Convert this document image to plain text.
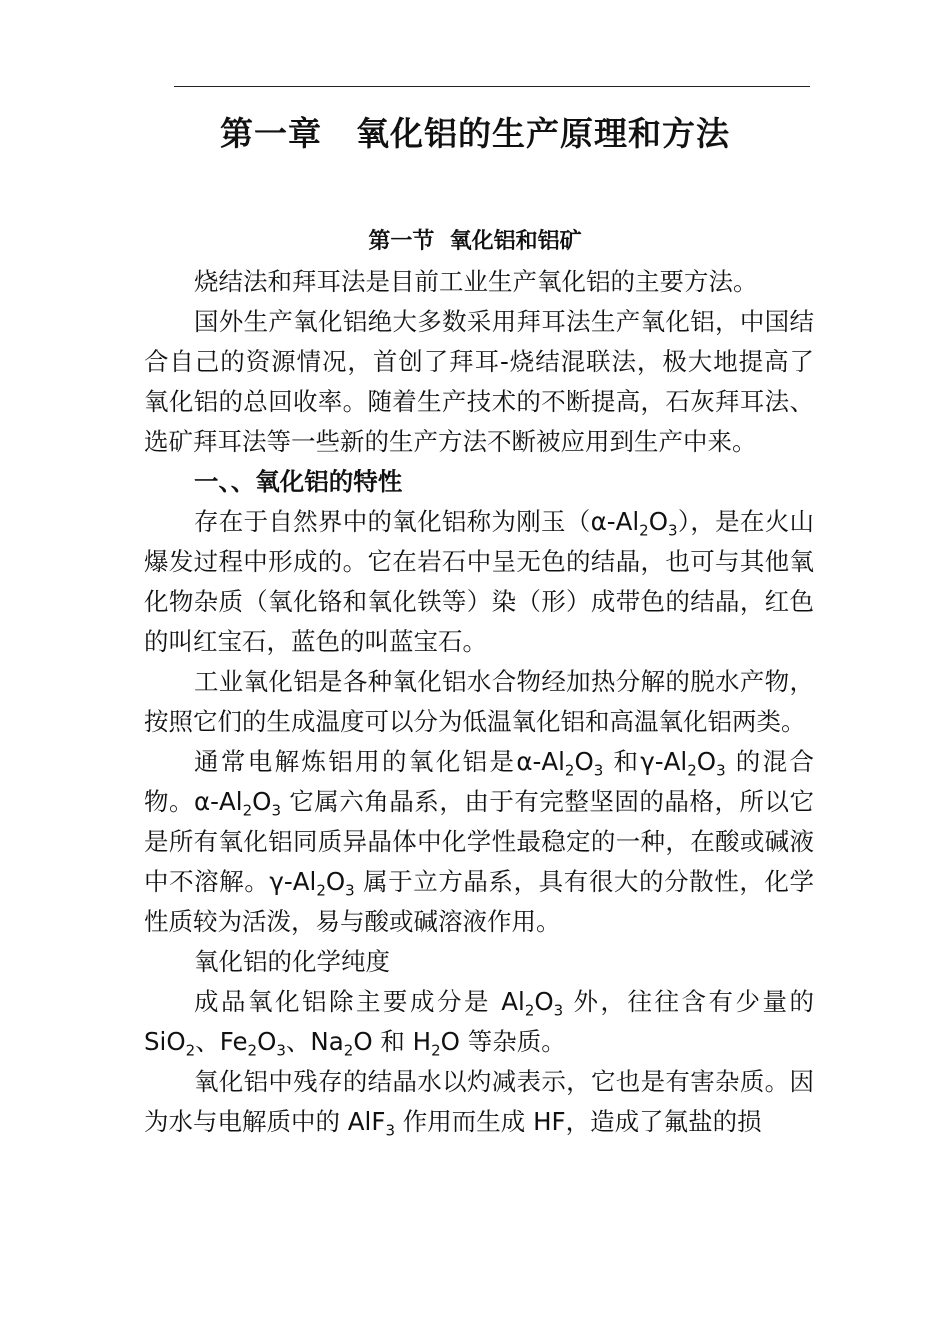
第一章　氧化铝的生产原理和方法
第一节  氧化铝和铝矿

烧结法和拜耳法是目前工业生产氧化铝的主要方法。

国外生产氧化铝绝大多数采用拜耳法生产氧化铝，中国结合自己的资源情况，首创了拜耳-烧结混联法，极大地提高了氧化铝的总回收率。随着生产技术的不断提高，石灰拜耳法、选矿拜耳法等一些新的生产方法不断被应用到生产中来。

一、、氧化铝的特性

存在于自然界中的氧化铝称为刚玉$(\alpha-Al_2O_3)$，是在火山爆发过程中形成的。它在岩石中呈无色的结晶，也可与其他氧化物杂质（氧化铬和氧化铁等）染（形）成带色的结晶，红色的叫红宝石，蓝色的叫蓝宝石。

工业氧化铝是各种氧化铝水合物经加热分解的脱水产物，按照它们的生成温度可以分为低温氧化铝和高温氧化铝两类。

通常电解炼铝用的氧化铝是$\alpha-Al_2O_3$ 和$\gamma-Al_2O_3$ 的混合物。$\alpha-Al_2O_3$ 它属六角晶系，由于有完整坚固的晶格，所以它是所有氧化铝同质异晶体中化学性最稳定的一种，在酸或碱液中不溶解。$\gamma-Al_2O_3$ 属于立方晶系，具有很大的分散性，化学性质较为活泼，易与酸或碱溶液作用。

氧化铝的化学纯度

成品氧化铝除主要成分是 $Al_2O_3$ 外，往往含有少量的 SiO$_2$、$Fe_2O_3$、$Na_2O$ 和 $H_2O$ 等杂质。

氧化铝中残存的结晶水以灼减表示，它也是有害杂质。因为水与电解质中的 AlF$_3$ 作用而生成 HF，造成了氟盐的损
